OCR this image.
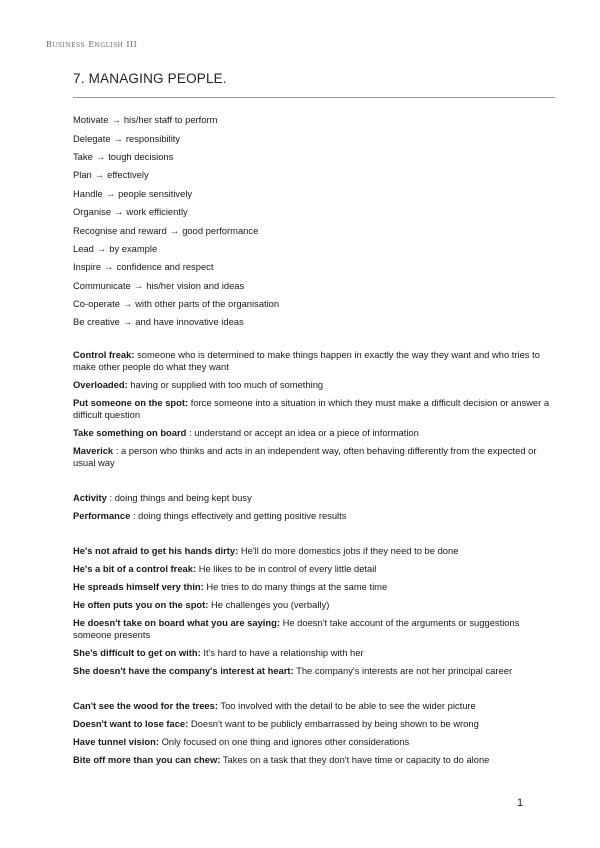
Business English III
7. MANAGING PEOPLE.
Motivate → his/her staff to perform
Delegate → responsibility
Take → tough decisions
Plan → effectively
Handle → people sensitively
Organise → work efficiently
Recognise and reward → good performance
Lead → by example
Inspire → confidence and respect
Communicate → his/her vision and ideas
Co-operate → with other parts of the organisation
Be creative → and have innovative ideas
Control freak: someone who is determined to make things happen in exactly the way they want and who tries to make other people do what they want
Overloaded: having or supplied with too much of something
Put someone on the spot: force someone into a situation in which they must make a difficult decision or answer a difficult question
Take something on board : understand or accept an idea or a piece of information
Maverick : a person who thinks and acts in an independent way, often behaving differently from the expected or usual way
Activity : doing things and being kept busy
Performance : doing things effectively and getting positive results
He's not afraid to get his hands dirty: He'll do more domestics jobs if they need to be done
He's a bit of a control freak: He likes to be in control of every little detail
He spreads himself very thin: He tries to do many things at the same time
He often puts you on the spot: He challenges you (verbally)
He doesn't take on board what you are saying: He doesn't take account of the arguments or suggestions someone presents
She's difficult to get on with: It's hard to have a relationship with her
She doesn't have the company's interest at heart: The company's interests are not her principal career
Can't see the wood for the trees: Too involved with the detail to be able to see the wider picture
Doesn't want to lose face: Doesn't want to be publicly embarrassed by being shown to be wrong
Have tunnel vision: Only focused on one thing and ignores other considerations
Bite off more than you can chew: Takes on a task that they don't have time or capacity to do alone
1
